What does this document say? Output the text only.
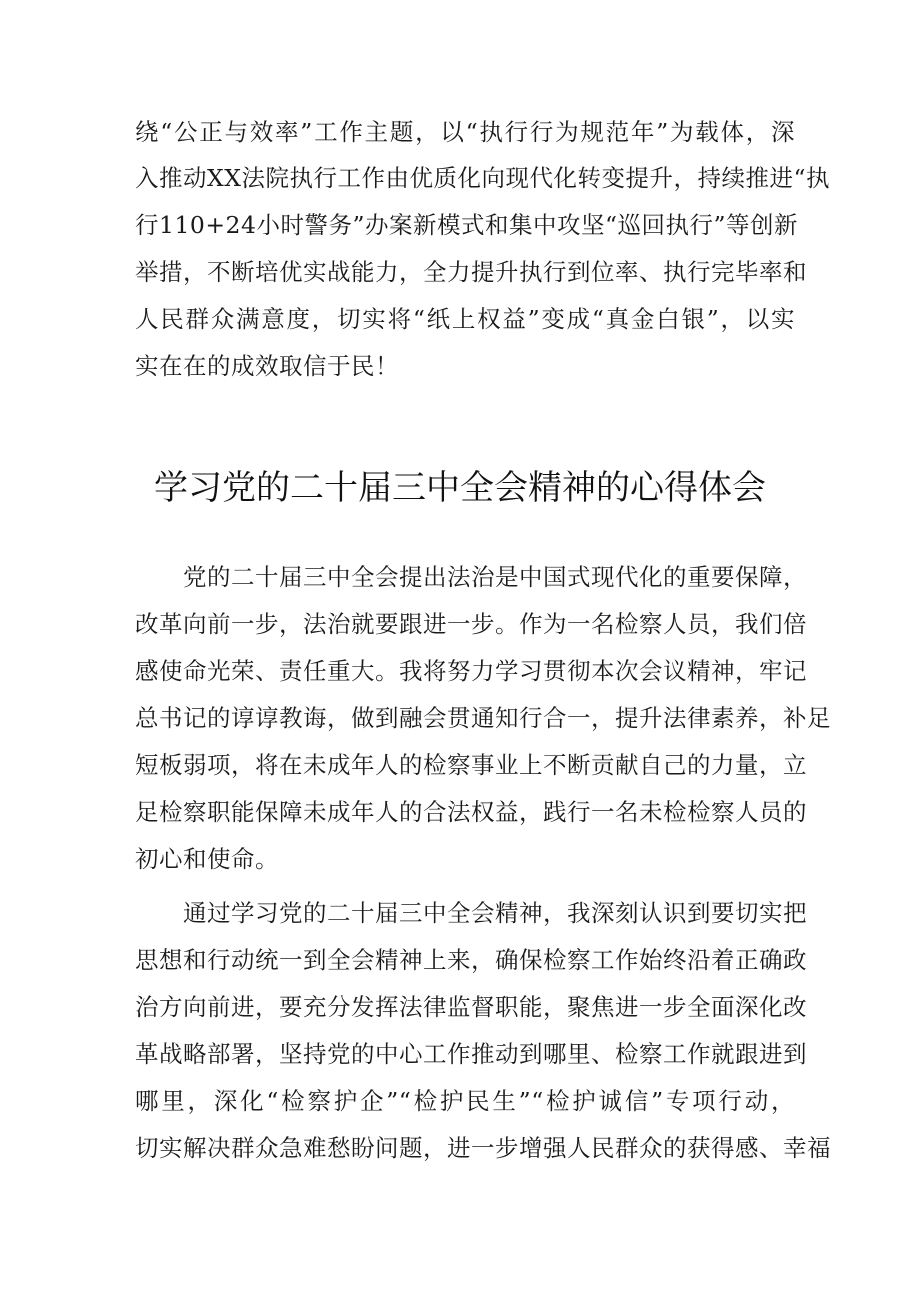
绕“公正与效率”工作主题，以“执行行为规范年”为载体，深
入推动XX法院执行工作由优质化向现代化转变提升，持续推进“执
行110+24小时警务”办案新模式和集中攻坚“巡回执行”等创新
举措，不断培优实战能力，全力提升执行到位率、执行完毕率和
人民群众满意度，切实将“纸上权益”变成“真金白银”，以实
实在在的成效取信于民！
学习党的二十届三中全会精神的心得体会
党的二十届三中全会提出法治是中国式现代化的重要保障，
改革向前一步，法治就要跟进一步。作为一名检察人员，我们倍
感使命光荣、责任重大。我将努力学习贯彻本次会议精神，牢记
总书记的谆谆教诲，做到融会贯通知行合一，提升法律素养，补足
短板弱项，将在未成年人的检察事业上不断贡献自己的力量，立
足检察职能保障未成年人的合法权益，践行一名未检检察人员的
初心和使命。
通过学习党的二十届三中全会精神，我深刻认识到要切实把
思想和行动统一到全会精神上来，确保检察工作始终沿着正确政
治方向前进，要充分发挥法律监督职能，聚焦进一步全面深化改
革战略部署，坚持党的中心工作推动到哪里、检察工作就跟进到
哪里，深化“检察护企”“检护民生”“检护诚信”专项行动，
切实解决群众急难愁盼问题，进一步增强人民群众的获得感、幸福
